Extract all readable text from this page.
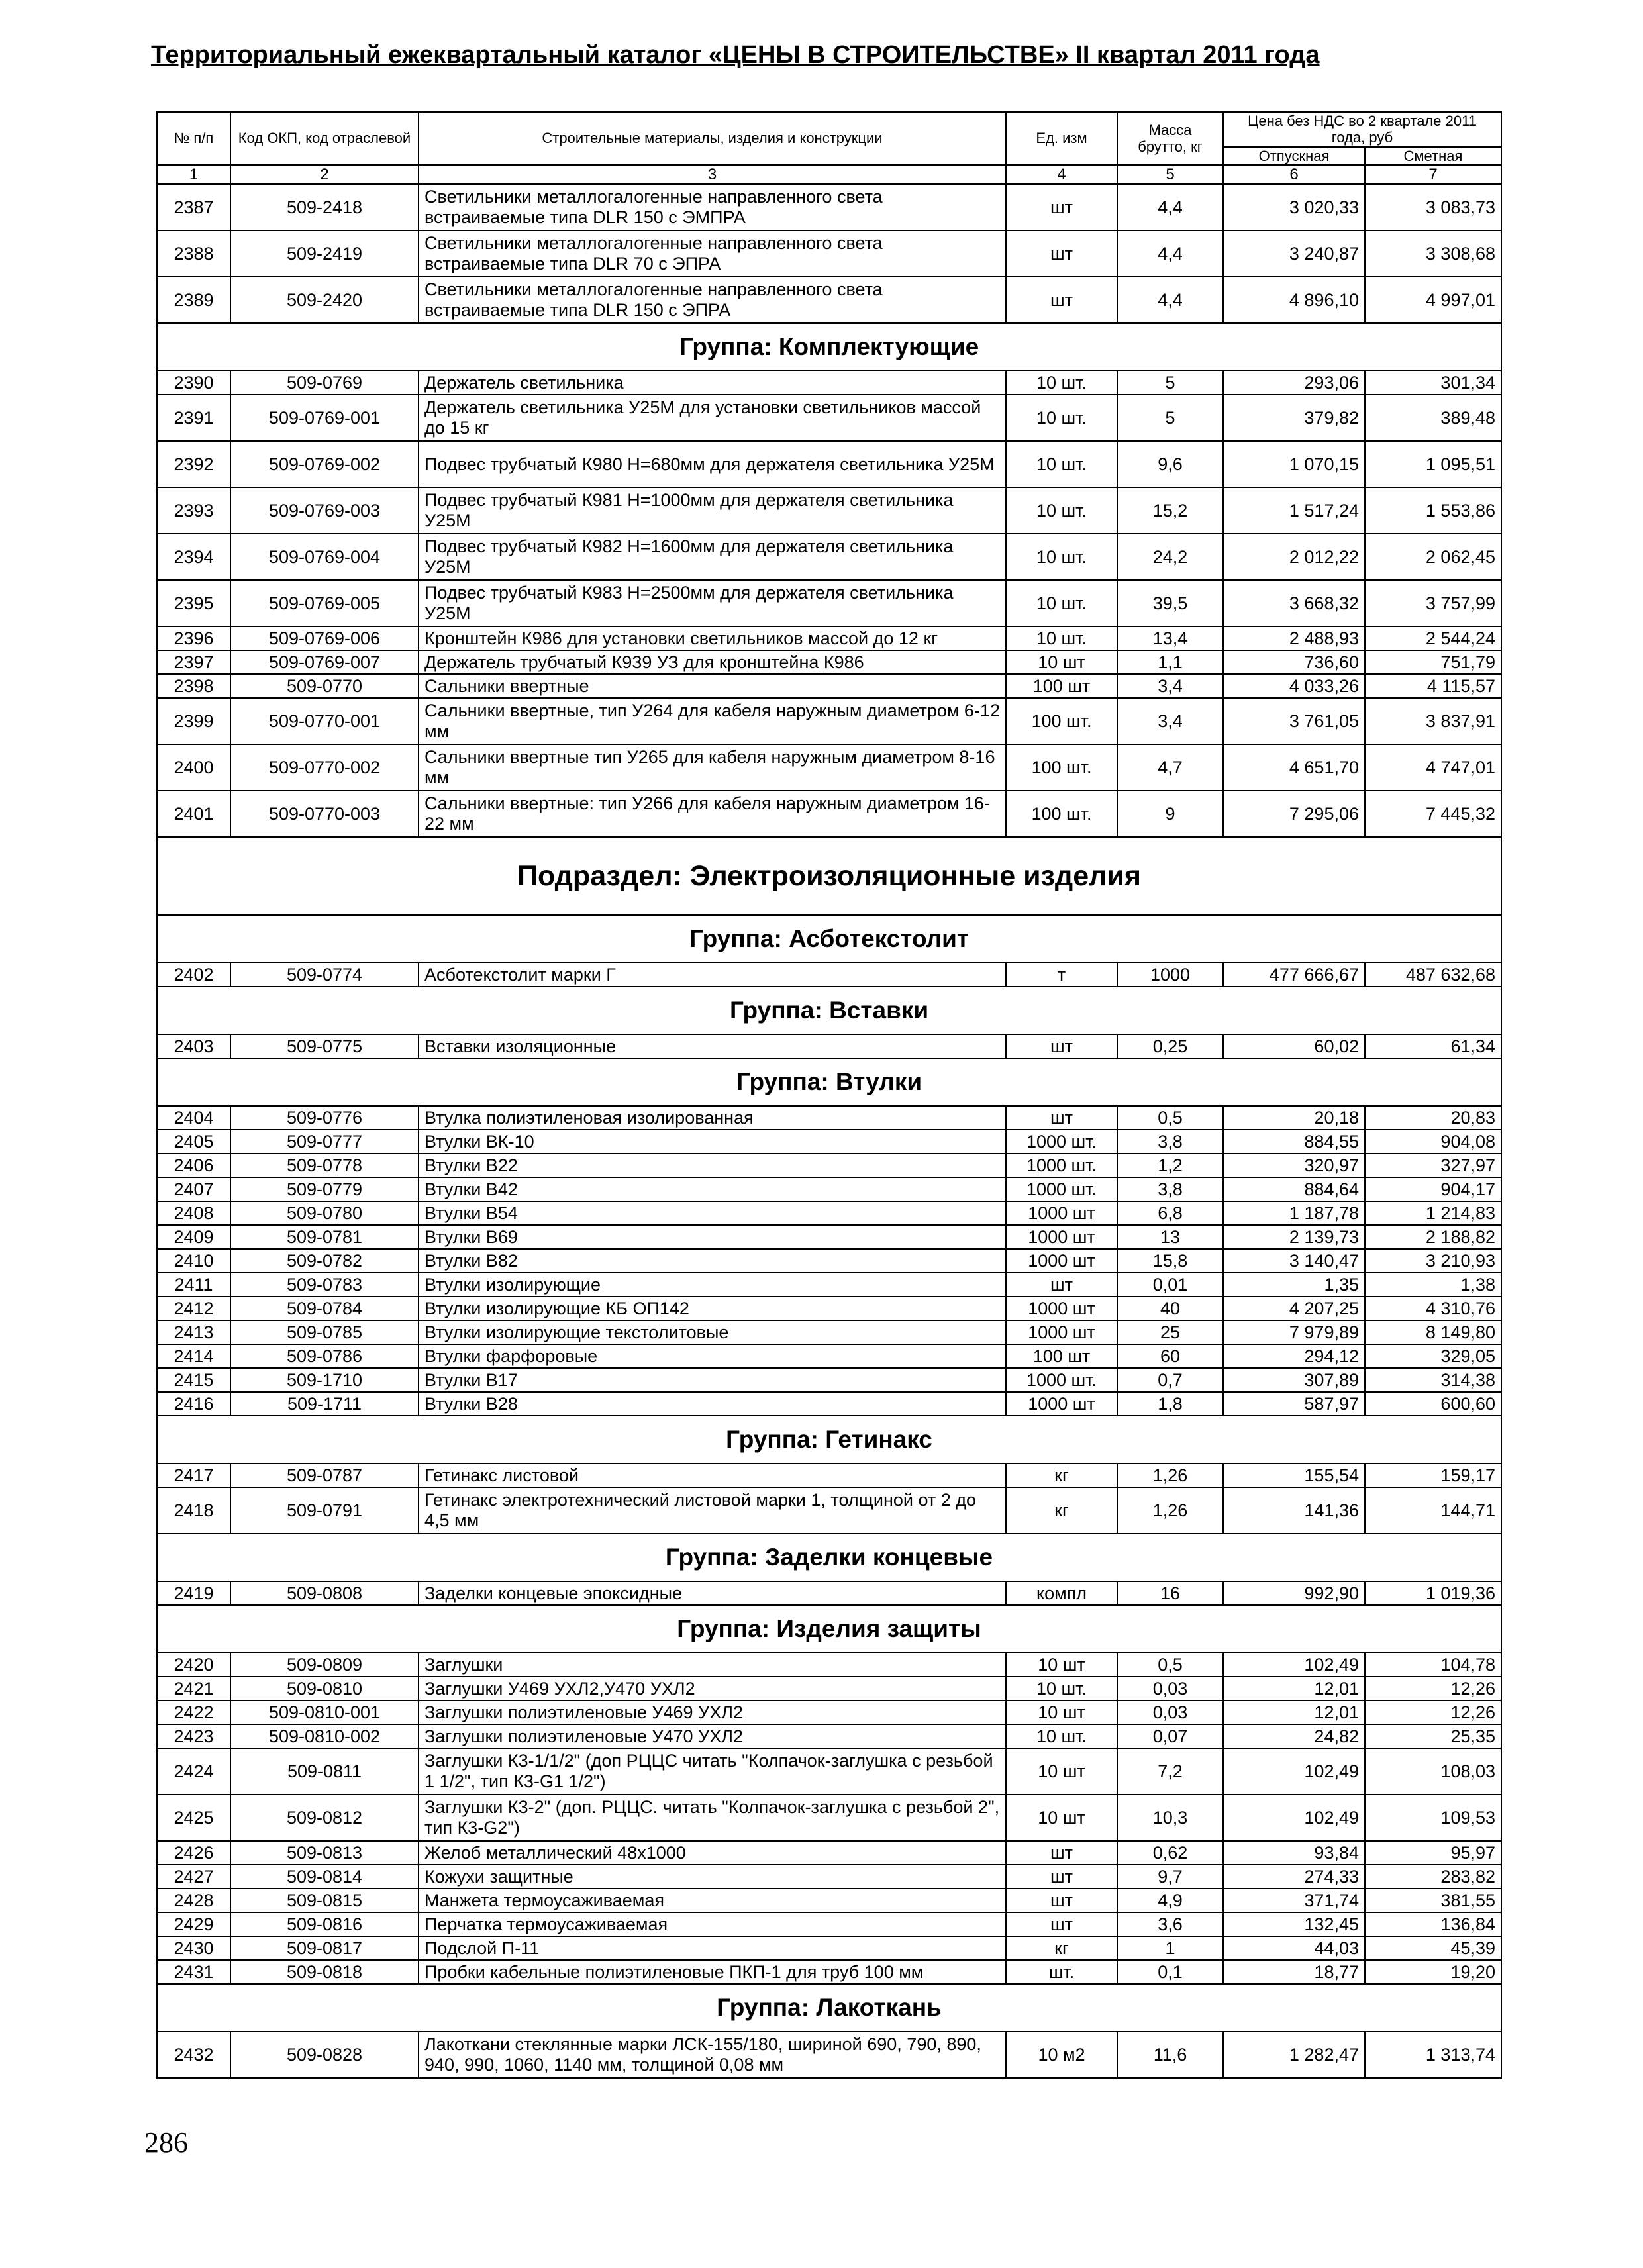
Территориальный ежеквартальный каталог «ЦЕНЫ В СТРОИТЕЛЬСТВЕ» II квартал 2011 года
№ п/п	Код ОКП, код отраслевой	Строительные материалы, изделия и конструкции	Ед. изм	Масса брутто, кг	Цена без НДС во 2 квартале 2011 года, руб	
					Отпускная	Сметная
1	2	3	4	5	6	7
2387	509-2418	Светильники металлогалогенные направленного света встраиваемые типа DLR 150 с ЭМПРА	шт	4,4	3 020,33	3 083,73
2388	509-2419	Светильники металлогалогенные направленного света встраиваемые типа DLR 70 с ЭПРА	шт	4,4	3 240,87	3 308,68
2389	509-2420	Светильники металлогалогенные направленного света встраиваемые типа DLR 150 с ЭПРА	шт	4,4	4 896,10	4 997,01
Группа: Комплектующие						
2390	509-0769	Держатель светильника	10 шт.	5	293,06	301,34
2391	509-0769-001	Держатель светильника У25М для установки светильников массой до 15 кг	10 шт.	5	379,82	389,48
2392	509-0769-002	Подвес трубчатый К980 Н=680мм для держателя светильника У25М	10 шт.	9,6	1 070,15	1 095,51
2393	509-0769-003	Подвес трубчатый К981 Н=1000мм для держателя светильника У25М	10 шт.	15,2	1 517,24	1 553,86
2394	509-0769-004	Подвес трубчатый К982 Н=1600мм для держателя светильника У25М	10 шт.	24,2	2 012,22	2 062,45
2395	509-0769-005	Подвес трубчатый К983 Н=2500мм для держателя светильника У25М	10 шт.	39,5	3 668,32	3 757,99
2396	509-0769-006	Кронштейн К986 для установки светильников массой до 12 кг	10 шт.	13,4	2 488,93	2 544,24
2397	509-0769-007	Держатель трубчатый К939 УЗ для кронштейна К986	10 шт	1,1	736,60	751,79
2398	509-0770	Сальники ввертные	100 шт	3,4	4 033,26	4 115,57
2399	509-0770-001	Сальники ввертные, тип У264 для кабеля наружным диаметром 6-12 мм	100 шт.	3,4	3 761,05	3 837,91
2400	509-0770-002	Сальники ввертные тип У265 для кабеля наружным диаметром 8-16 мм	100 шт.	4,7	4 651,70	4 747,01
2401	509-0770-003	Сальники ввертные: тип У266 для кабеля наружным диаметром 16-22 мм	100 шт.	9	7 295,06	7 445,32
Подраздел: Электроизоляционные изделия						
Группа: Асботекстолит						
2402	509-0774	Асботекстолит марки Г	т	1000	477 666,67	487 632,68
Группа: Вставки						
2403	509-0775	Вставки изоляционные	шт	0,25	60,02	61,34
Группа: Втулки						
2404	509-0776	Втулка полиэтиленовая изолированная	шт	0,5	20,18	20,83
2405	509-0777	Втулки ВК-10	1000 шт.	3,8	884,55	904,08
2406	509-0778	Втулки В22	1000 шт.	1,2	320,97	327,97
2407	509-0779	Втулки В42	1000 шт.	3,8	884,64	904,17
2408	509-0780	Втулки В54	1000 шт	6,8	1 187,78	1 214,83
2409	509-0781	Втулки В69	1000 шт	13	2 139,73	2 188,82
2410	509-0782	Втулки В82	1000 шт	15,8	3 140,47	3 210,93
2411	509-0783	Втулки изолирующие	шт	0,01	1,35	1,38
2412	509-0784	Втулки изолирующие КБ ОП142	1000 шт	40	4 207,25	4 310,76
2413	509-0785	Втулки изолирующие текстолитовые	1000 шт	25	7 979,89	8 149,80
2414	509-0786	Втулки фарфоровые	100 шт	60	294,12	329,05
2415	509-1710	Втулки В17	1000 шт.	0,7	307,89	314,38
2416	509-1711	Втулки В28	1000 шт	1,8	587,97	600,60
Группа: Гетинакс						
2417	509-0787	Гетинакс листовой	кг	1,26	155,54	159,17
2418	509-0791	Гетинакс электротехнический листовой марки 1, толщиной от 2 до 4,5 мм	кг	1,26	141,36	144,71
Группа: Заделки концевые						
2419	509-0808	Заделки концевые эпоксидные	компл	16	992,90	1 019,36
Группа: Изделия защиты						
2420	509-0809	Заглушки	10 шт	0,5	102,49	104,78
2421	509-0810	Заглушки У469 УХЛ2,У470 УХЛ2	10 шт.	0,03	12,01	12,26
2422	509-0810-001	Заглушки полиэтиленовые У469 УХЛ2	10 шт	0,03	12,01	12,26
2423	509-0810-002	Заглушки полиэтиленовые У470 УХЛ2	10 шт.	0,07	24,82	25,35
2424	509-0811	Заглушки К3-1/1/2" (доп РЦЦС читать "Колпачок-заглушка с резьбой 1 1/2", тип К3-G1 1/2")	10 шт	7,2	102,49	108,03
2425	509-0812	Заглушки К3-2" (доп. РЦЦС. читать "Колпачок-заглушка с резьбой 2", тип К3-G2")	10 шт	10,3	102,49	109,53
2426	509-0813	Желоб металлический 48х1000	шт	0,62	93,84	95,97
2427	509-0814	Кожухи защитные	шт	9,7	274,33	283,82
2428	509-0815	Манжета термоусаживаемая	шт	4,9	371,74	381,55
2429	509-0816	Перчатка термоусаживаемая	шт	3,6	132,45	136,84
2430	509-0817	Подслой П-11	кг	1	44,03	45,39
2431	509-0818	Пробки кабельные полиэтиленовые ПКП-1 для труб 100 мм	шт.	0,1	18,77	19,20
Группа: Лакоткань						
2432	509-0828	Лакоткани стеклянные марки ЛСК-155/180, шириной 690, 790, 890, 940, 990, 1060, 1140 мм, толщиной 0,08 мм	10 м2	11,6	1 282,47	1 313,74
286
